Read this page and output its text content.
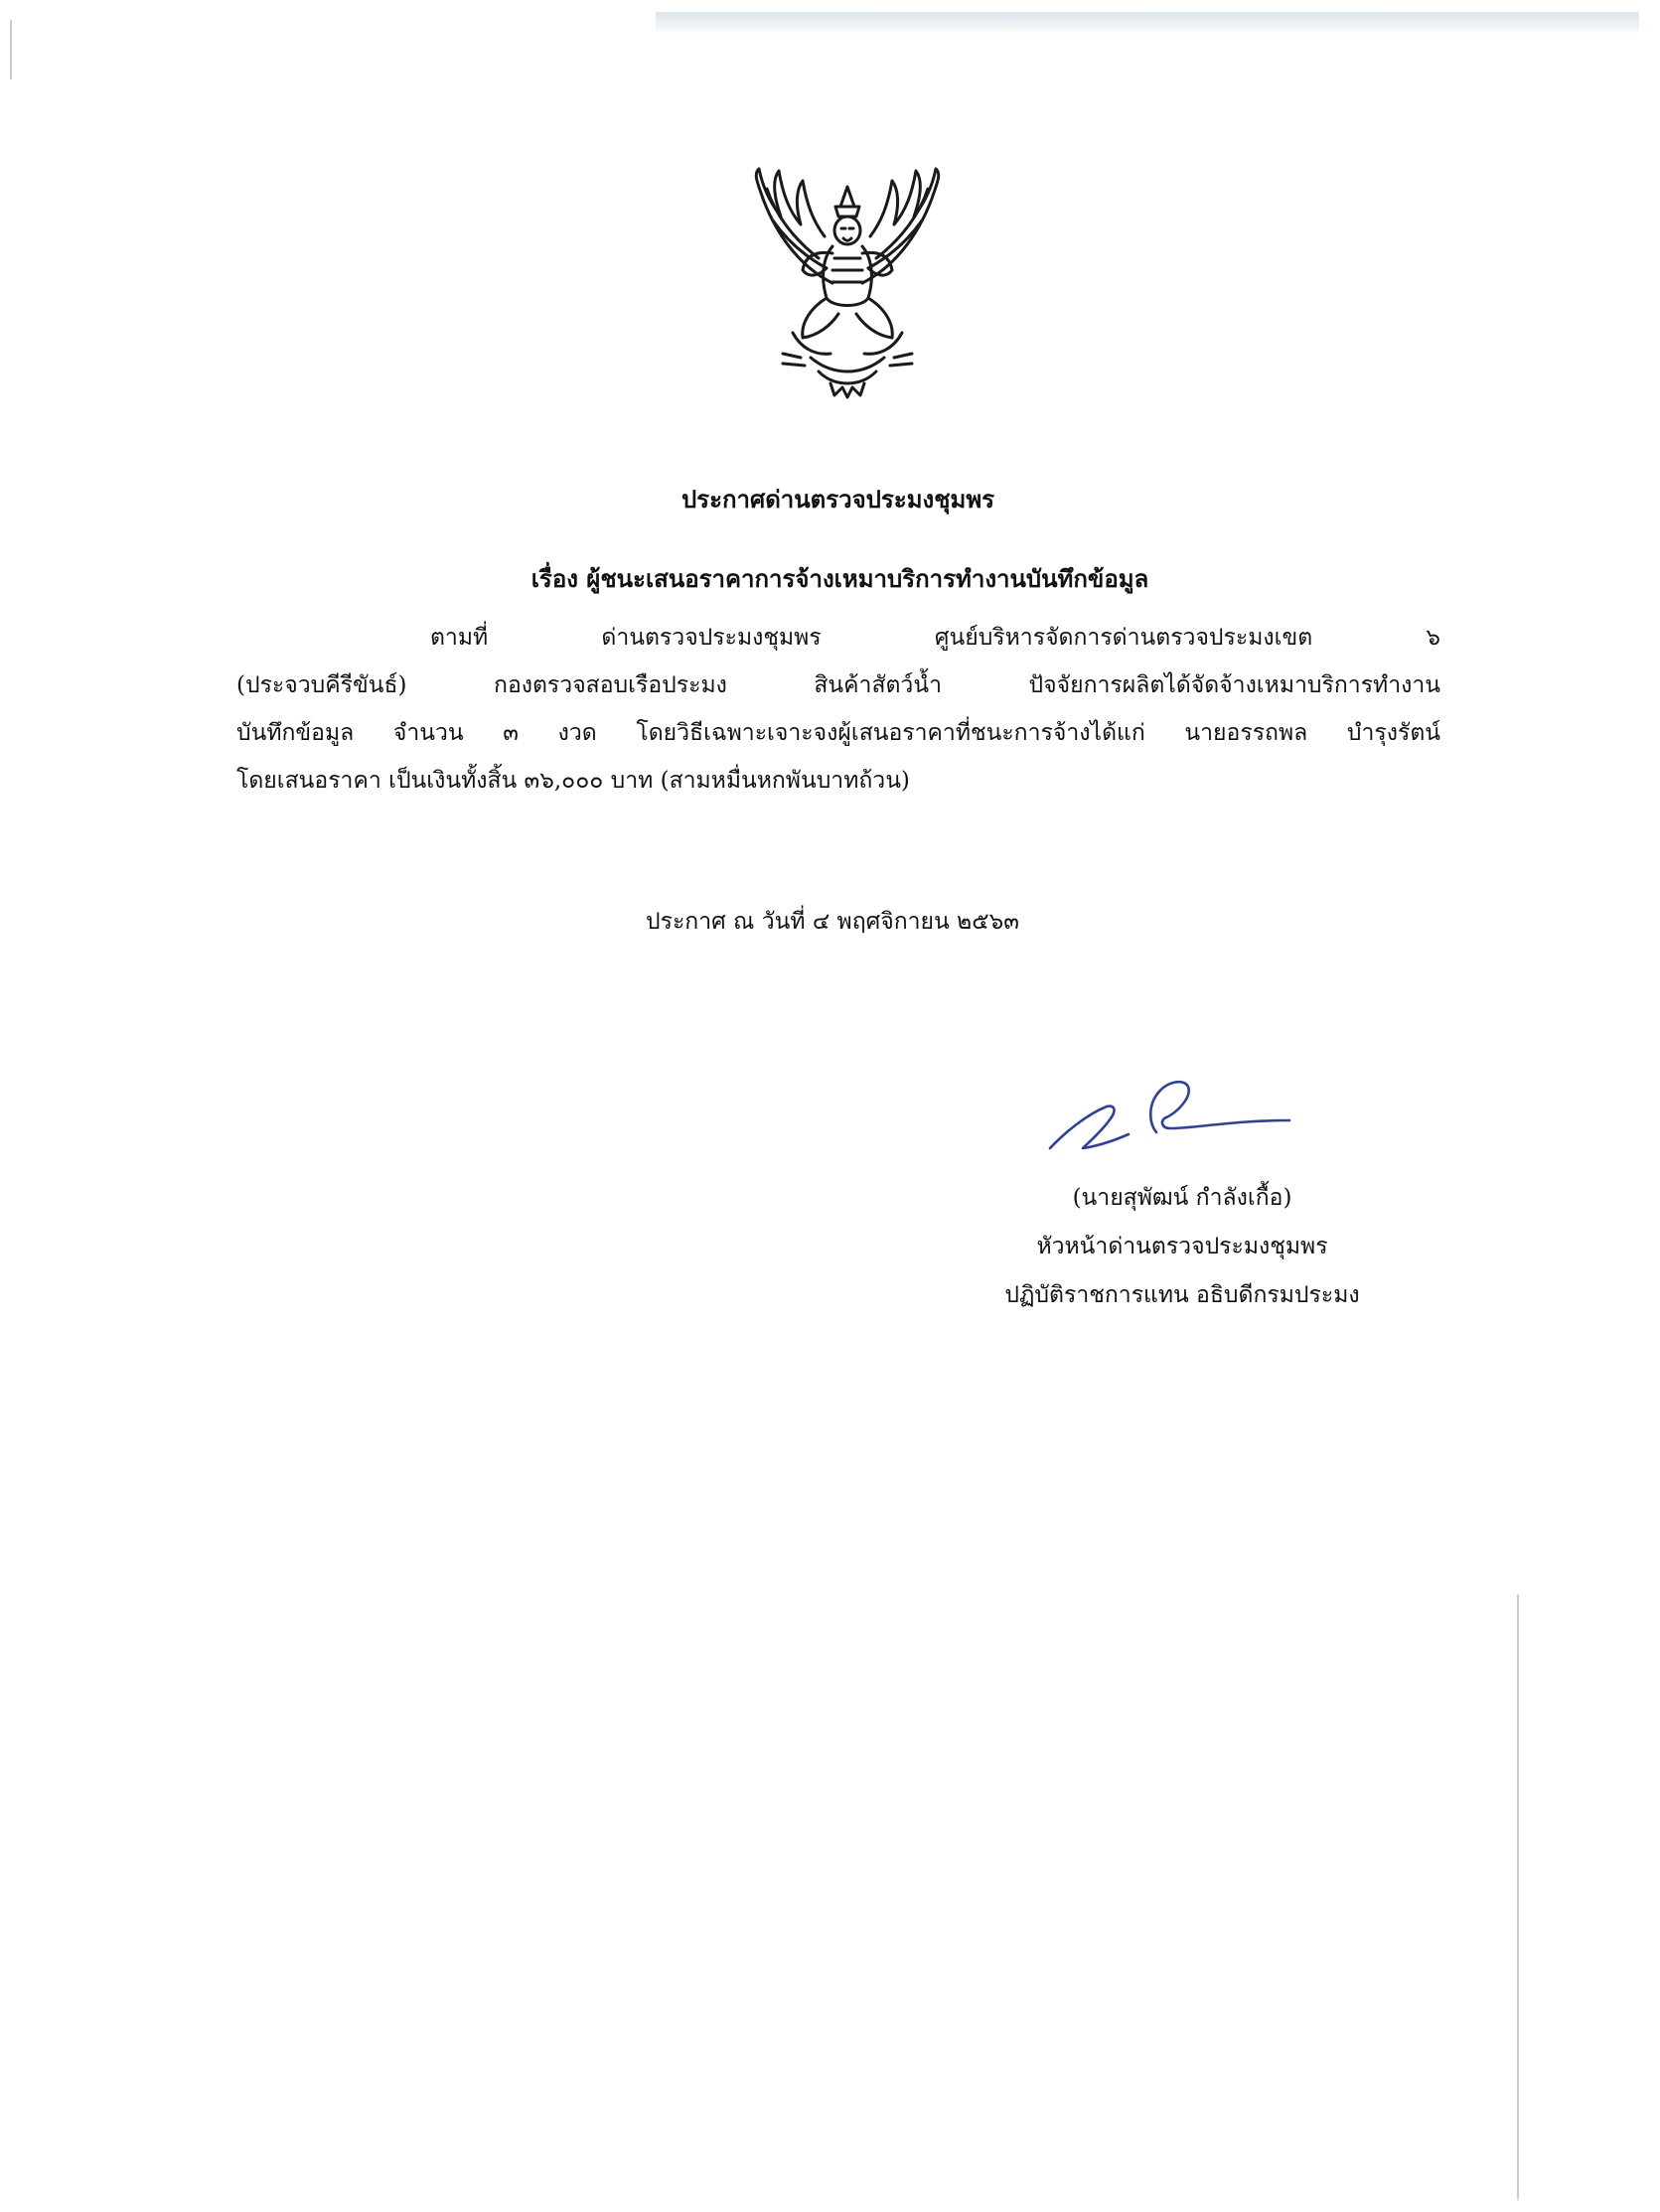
ประกาศด่านตรวจประมงชุมพร
เรื่อง ผู้ชนะเสนอราคาการจ้างเหมาบริการทำงานบันทึกข้อมูล

ตามที่ ด่านตรวจประมงชุมพร ศูนย์บริหารจัดการด่านตรวจประมงเขต ๖
(ประจวบคีรีขันธ์) กองตรวจสอบเรือประมง สินค้าสัตว์น้ำ ปัจจัยการผลิตได้จัดจ้างเหมาบริการทำงาน
บันทึกข้อมูล จำนวน ๓ งวด โดยวิธีเฉพาะเจาะจงผู้เสนอราคาที่ชนะการจ้างได้แก่ นายอรรถพล บำรุงรัตน์
โดยเสนอราคา เป็นเงินทั้งสิ้น ๓๖,๐๐๐ บาท (สามหมื่นหกพันบาทถ้วน)

ประกาศ ณ วันที่ ๔ พฤศจิกายน ๒๕๖๓
(นายสุพัฒน์ กำลังเกื้อ)
หัวหน้าด่านตรวจประมงชุมพร
ปฏิบัติราชการแทน อธิบดีกรมประมง
